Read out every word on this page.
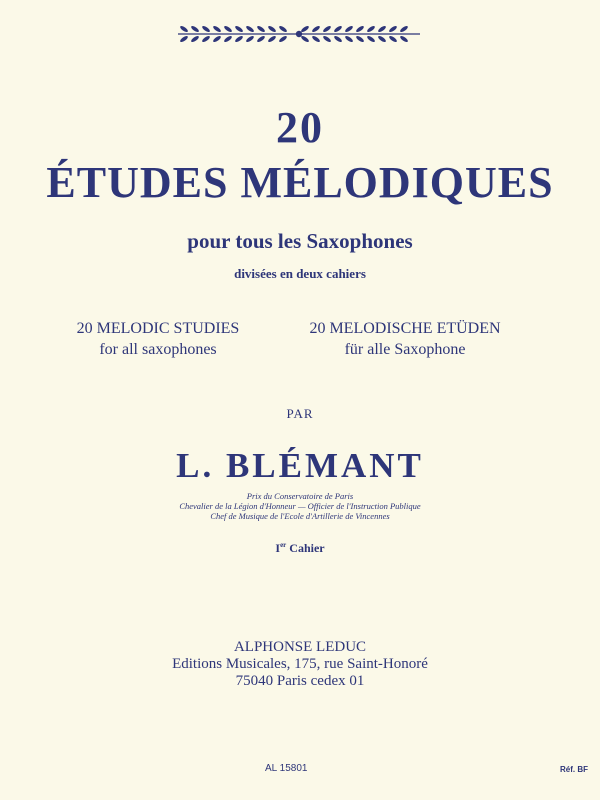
20
ÉTUDES MÉLODIQUES
pour tous les Saxophones
divisées en deux cahiers
20 MELODIC STUDIES
for all saxophones
20 MELODISCHE ETÜDEN
für alle Saxophone
PAR
L. BLÉMANT
Prix du Conservatoire de Paris
Chevalier de la Légion d'Honneur — Officier de l'Instruction Publique
Chef de Musique de l'Ecole d'Artillerie de Vincennes
Ier Cahier
ALPHONSE LEDUC
Editions Musicales, 175, rue Saint-Honoré
75040 Paris cedex 01
AL 15801	Réf. BF
